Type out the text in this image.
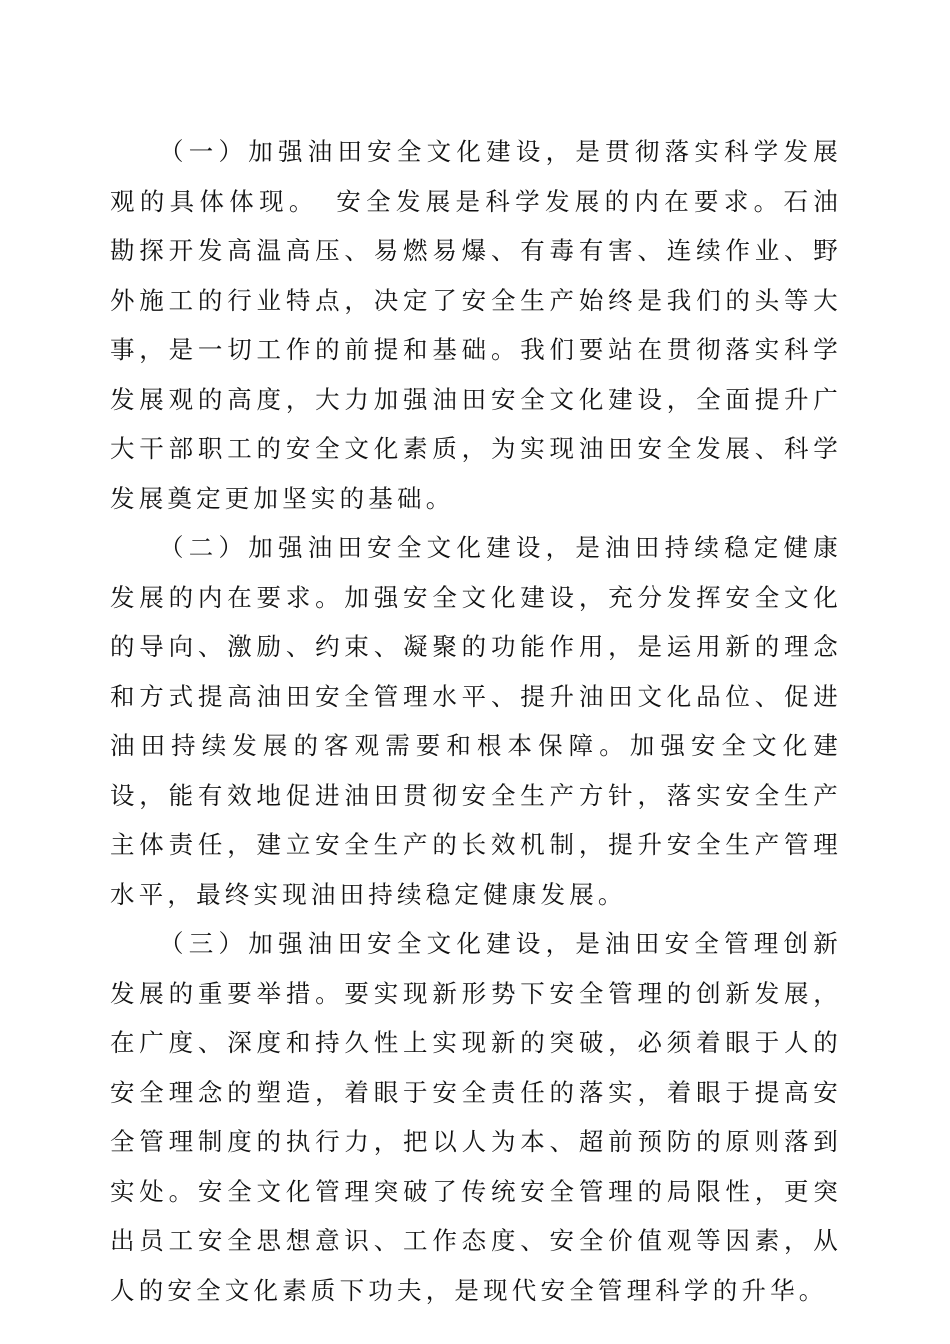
（一）加强油田安全文化建设，是贯彻落实科学发展观的具体体现。　安全发展是科学发展的内在要求。石油勘探开发高温高压、易燃易爆、有毒有害、连续作业、野外施工的行业特点，决定了安全生产始终是我们的头等大事，是一切工作的前提和基础。我们要站在贯彻落实科学发展观的高度，大力加强油田安全文化建设，全面提升广大干部职工的安全文化素质，为实现油田安全发展、科学发展奠定更加坚实的基础。

（二）加强油田安全文化建设，是油田持续稳定健康发展的内在要求。加强安全文化建设，充分发挥安全文化的导向、激励、约束、凝聚的功能作用，是运用新的理念和方式提高油田安全管理水平、提升油田文化品位、促进油田持续发展的客观需要和根本保障。加强安全文化建设，能有效地促进油田贯彻安全生产方针，落实安全生产主体责任，建立安全生产的长效机制，提升安全生产管理水平，最终实现油田持续稳定健康发展。

（三）加强油田安全文化建设，是油田安全管理创新发展的重要举措。要实现新形势下安全管理的创新发展，在广度、深度和持久性上实现新的突破，必须着眼于人的安全理念的塑造，着眼于安全责任的落实，着眼于提高安全管理制度的执行力，把以人为本、超前预防的原则落到实处。安全文化管理突破了传统安全管理的局限性，更突出员工安全思想意识、工作态度、安全价值观等因素，从人的安全文化素质下功夫，是现代安全管理科学的升华。
